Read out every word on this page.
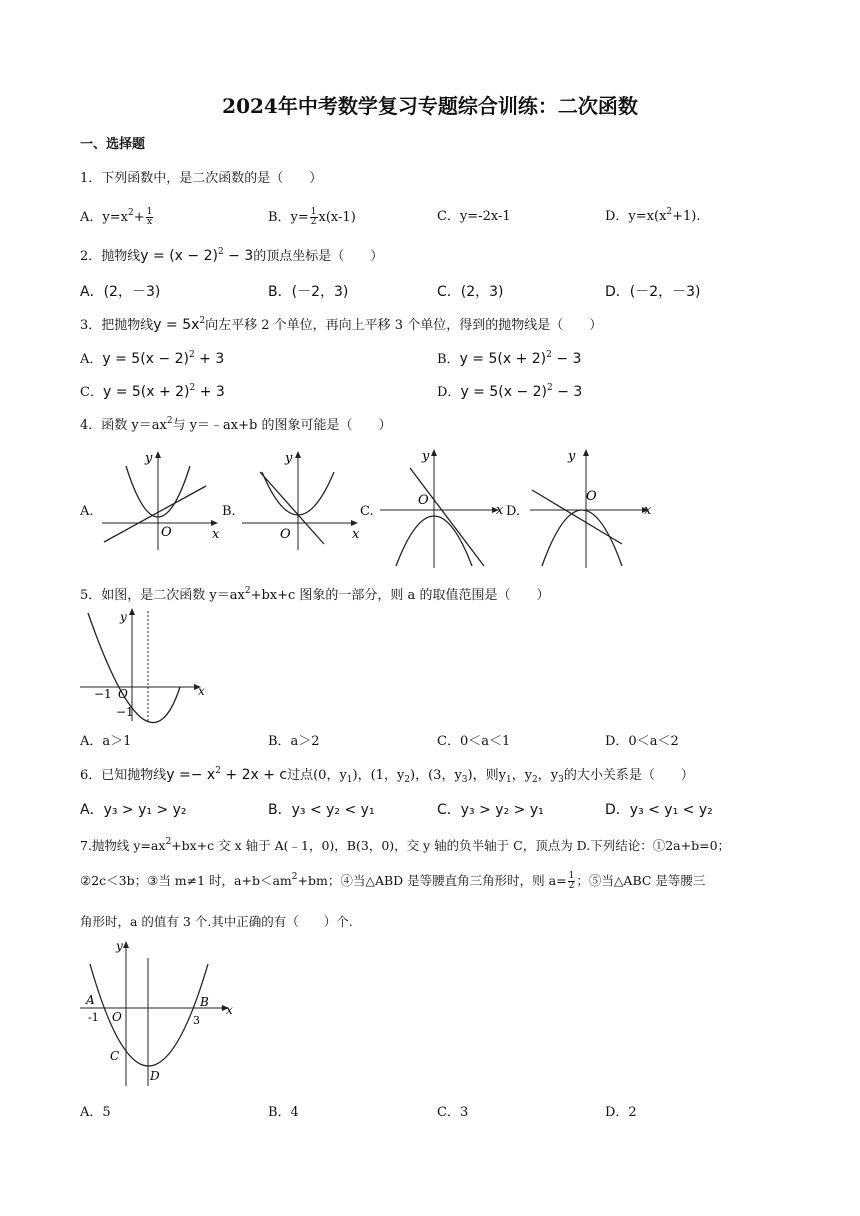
2024年中考数学复习专题综合训练：二次函数
一、选择题
1．下列函数中，是二次函数的是（　　）
A．$y=x^2+ \frac{1}{x}$	B．$y= \frac{1}{2} x(x-1)$	C．y=-2x-1	D．$y=x(x^2+1)$.
2．抛物线$y = (x - 2)^2 - 3$的顶点坐标是（　　）
A．(2，－3)	B．(－2，3)	C．(2，3)	D．(－2，－3)
3．把抛物线$y = 5x^2$向左平移 2 个单位，再向上平移 3 个单位，得到的抛物线是（　　）
A．$y = 5(x - 2)^2 + 3$	B．$y = 5(x + 2)^2 - 3$
C．$y = 5(x + 2)^2 + 3$	D．$y = 5(x - 2)^2 - 3$
4．函数 $y=ax^2$与 y＝﹣ax+b 的图象可能是（　　）
A.	B.	C.	D.
y
x
O
y
x
O
y
x
O
y
x
O
5．如图，是二次函数 $y=ax^2+bx+c$ 图象的一部分，则 a 的取值范围是（　　）
y
x
O
−1
−1
A．a＞1	B．a＞2	C．0＜a＜1	D．0＜a＜2
6．已知抛物线$y =- x^2 + 2x + c$过点(0，$y_1$)，(1，$y_2$)，(3，$y_3$)，则$y_1$，$y_2$，$y_3$的大小关系是（　　）
A．y₃ > y₁ > y₂	B．y₃ < y₂ < y₁	C．y₃ > y₂ > y₁	D．y₃ < y₁ < y₂
7.抛物线 $y=ax^2+bx+c$ 交 x 轴于 A(﹣1，0)，B(3，0)，交 y 轴的负半轴于 C，顶点为 D.下列结论：①2a+b=0；
②2c＜3b；③当 m≠1 时，$a+b<am^2+bm$；④当△ABD 是等腰直角三角形时，则 $a= \frac{1}{2}$ ；⑤当△ABC 是等腰三
角形时，a 的值有 3 个.其中正确的有（　　）个.
y
x
A
-1 O
B
3
C
D
A．5	B．4	C．3	D．2
